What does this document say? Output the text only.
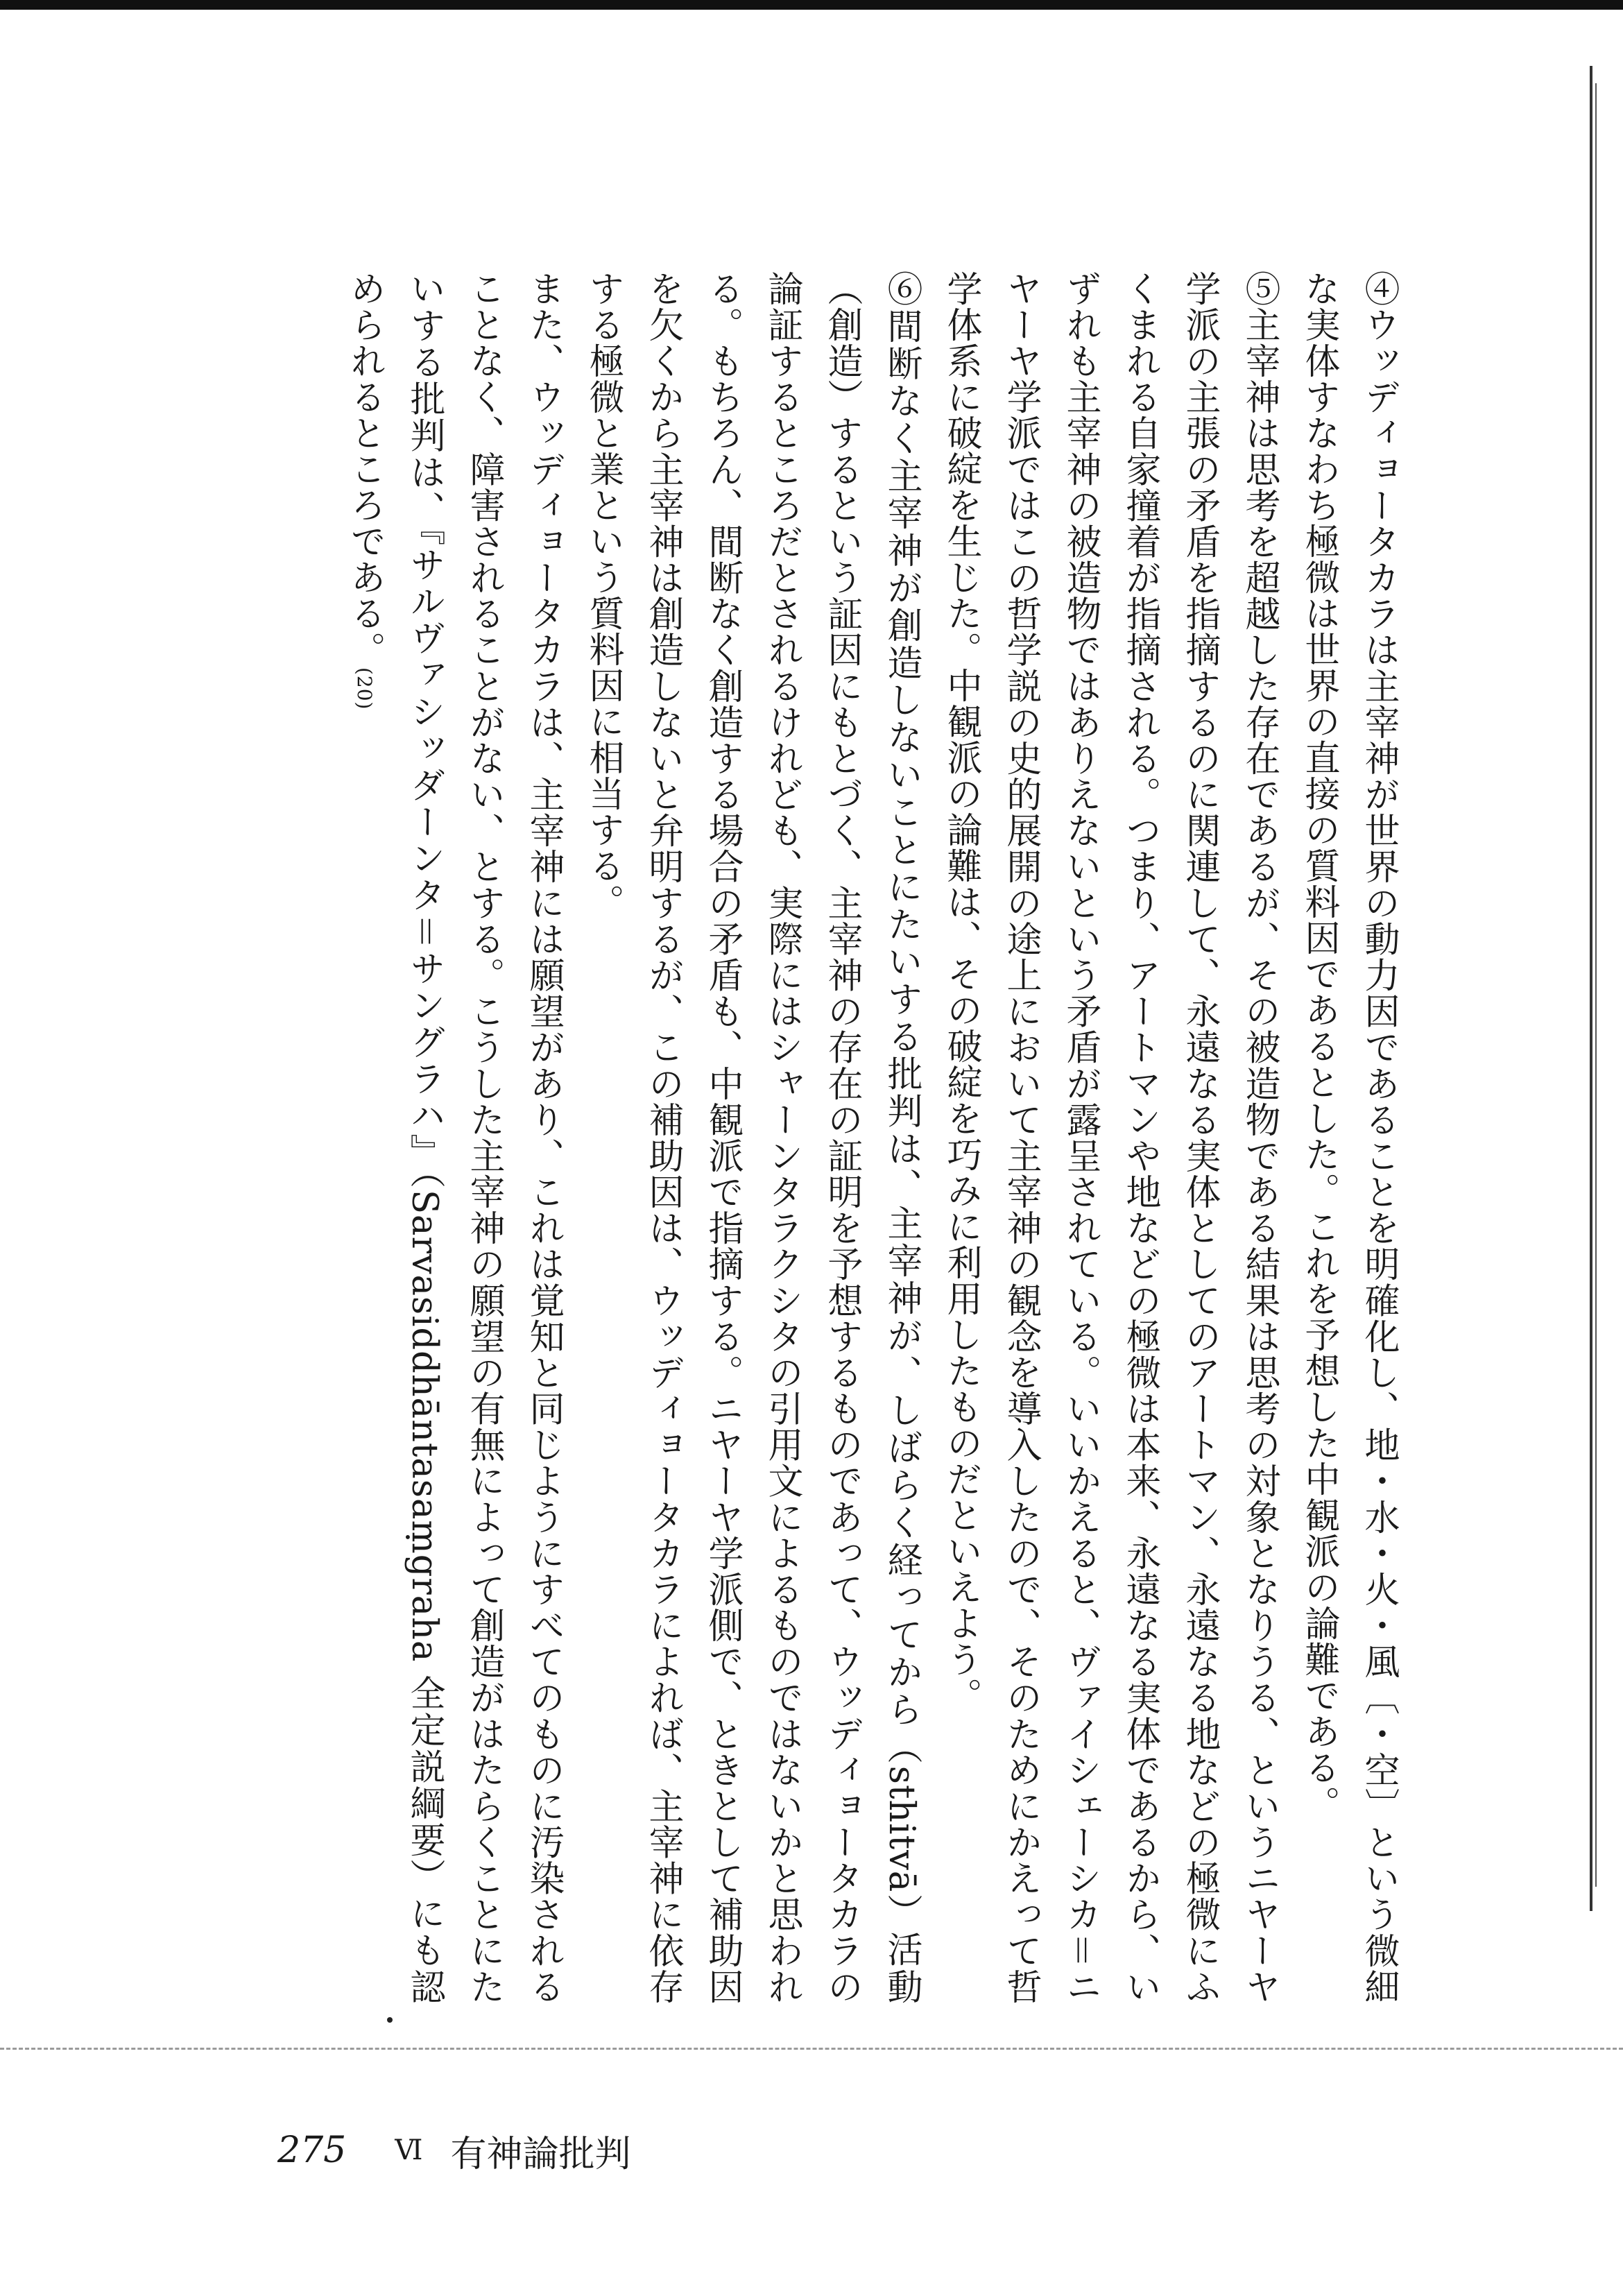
④ウッディョータカラは主宰神が世界の動力因であることを明確化し、地・水・火・風〔・空〕という微細な実体すなわち極微は世界の直接の質料因であるとした。これを予想した中観派の論難である。

⑤主宰神は思考を超越した存在であるが、その被造物である結果は思考の対象となりうる、というニヤーヤ学派の主張の矛盾を指摘するのに関連して、永遠なる実体としてのアートマン、永遠なる地などの極微にふくまれる自家撞着が指摘される。つまり、アートマンや地などの極微は本来、永遠なる実体であるから、いずれも主宰神の被造物ではありえないという矛盾が露呈されている。いいかえると、ヴァイシェーシカ＝ニヤーヤ学派ではこの哲学説の史的展開の途上において主宰神の観念を導入したので、そのためにかえって哲学体系に破綻を生じた。中観派の論難は、その破綻を巧みに利用したものだといえよう。

⑥間断なく主宰神が創造しないことにたいする批判は、主宰神が、しばらく経ってから（sthitvā）活動（創造）するという証因にもとづく、主宰神の存在の証明を予想するものであって、ウッディョータカラの論証するところだとされるけれども、実際にはシャーンタラクシタの引用文によるものではないかと思われる。もちろん、間断なく創造する場合の矛盾も、中観派で指摘する。ニヤーヤ学派側で、ときとして補助因を欠くから主宰神は創造しないと弁明するが、この補助因は、ウッディョータカラによれば、主宰神に依存する極微と業という質料因に相当する。

また、ウッディョータカラは、主宰神には願望があり、これは覚知と同じようにすべてのものに汚染されることなく、障害されることがない、とする。こうした主宰神の願望の有無によって創造がはたらくことにたいする批判は、『サルヴァシッダーンタ＝サングラハ』（Sarvasiddhāntasaṃgraha 全定説綱要）にも認められるところである。(20)

275 Ⅵ 有神論批判
